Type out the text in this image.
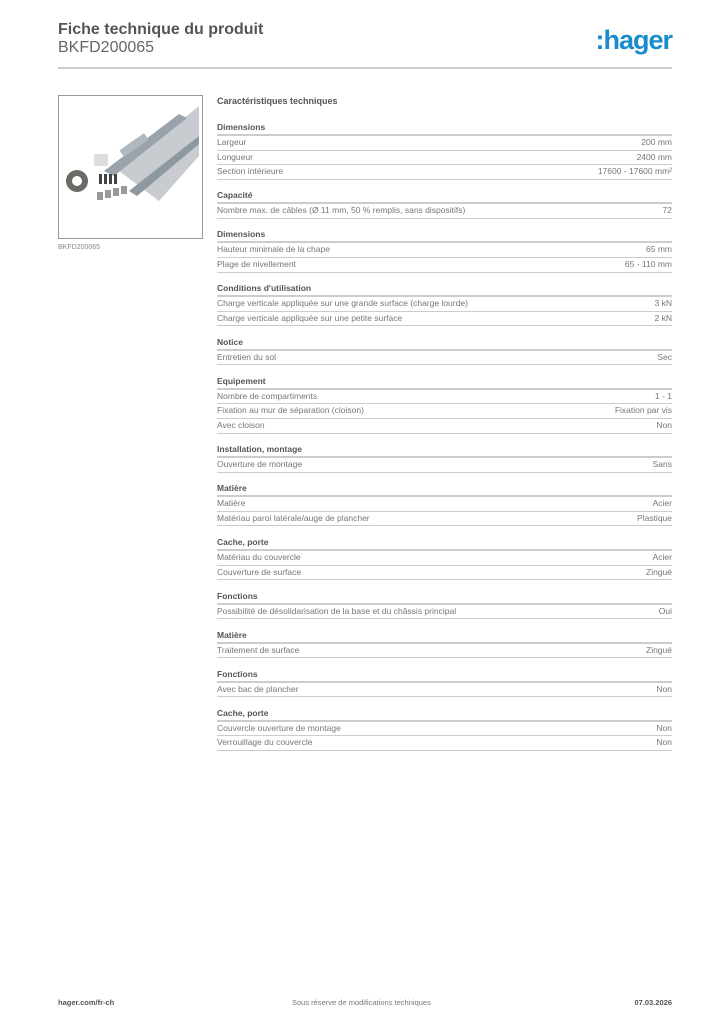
Fiche technique du produit
BKFD200065	:hager
BKFD200065
Caractéristiques techniques
Dimensions
Largeur	200 mm
Longueur	2400 mm
Section intérieure	17600 - 17600 mm²
Capacité
Nombre max. de câbles (Ø 11 mm, 50 % remplis, sans dispositifs)	72
Dimensions
Hauteur minimale de la chape	65 mm
Plage de nivellement	65 - 110 mm
Conditions d'utilisation
Charge verticale appliquée sur une grande surface (charge lourde)	3 kN
Charge verticale appliquée sur une petite surface	2 kN
Notice
Entretien du sol	Sec
Equipement
Nombre de compartiments	1 - 1
Fixation au mur de séparation (cloison)	Fixation par vis
Avec cloison	Non
Installation, montage
Ouverture de montage	Sans
Matière
Matière	Acier
Matériau paroi latérale/auge de plancher	Plastique
Cache, porte
Matériau du couvercle	Acier
Couverture de surface	Zingué
Fonctions
Possibilité de désolidarisation de la base et du châssis principal	Oui
Matière
Traitement de surface	Zingué
Fonctions
Avec bac de plancher	Non
Cache, porte
Couvercle ouverture de montage	Non
Verrouillage du couvercle	Non
hager.com/fr-ch	Sous réserve de modifications techniques	07.03.2026
